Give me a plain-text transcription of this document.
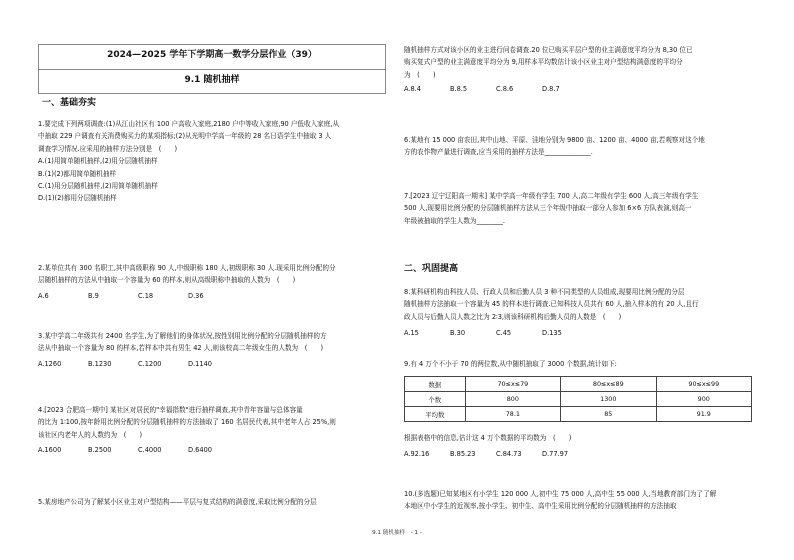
2024—2025 学年下学期高一数学分层作业（39）
9.1 随机抽样
一、基础夯实

1.要完成下列两项调查:(1)从江山社区有 100 户高收入家庭,2180 户中等收入家庭,90 户低收入家庭,从

中抽取 229 户调查有关消费购买力的某项指标;(2)从光明中学高一年级的 28 名日语学生中抽取 3 人

调查学习情况.应采用的抽样方法分别是　(　　)

A.(1)用简单随机抽样,(2)用分层随机抽样

B.(1)(2)都用简单随机抽样

C.(1)用分层随机抽样,(2)用简单随机抽样

D.(1)(2)都用分层随机抽样

2.某单位共有 300 名职工,其中高级职称 90 人,中级职称 180 人,初级职称 30 人.现采用比例分配的分

层随机抽样的方法从中抽取一个容量为 60 的样本,则从高级职称中抽取的人数为　(　　)

A.6	B.9	C.18	D.36

3.某中学高二年级共有 2400 名学生,为了解他们的身体状况,按性别用比例分配的分层随机抽样的方

法从中抽取一个容量为 80 的样本,若样本中共有男生 42 人,则该校高二年级女生的人数为　(　　)

A.1260	B.1230	C.1200	D.1140

4.[2023 合肥高一期中] 某社区对居民的"幸福指数"进行抽样调查,其中青年容量与总体容量

的比为 1∶100,按年龄用比例分配的分层随机抽样的方法抽取了 160 名居民代表,其中老年人占 25%,则

该社区内老年人的人数约为　(　　)

A.1600	B.2500	C.4000	D.6400

5.某房地产公司为了解某小区业主对户型结构——平层与复式结构的满意度,采取比例分配的分层

随机抽样方式对该小区的业主进行问卷调查.20 位已购买平层户型的业主满意度平均分为 8,30 位已

购买复式户型的业主满意度平均分为 9,用样本平均数估计该小区业主对户型结构满意度的平均分

为　(　　)

A.8.4	B.8.5	C.8.6	D.8.7

6.某地有 15 000 亩农田,其中山地、平原、洼地分别为 9800 亩、1200 亩、4000 亩,若观察对这个地

方的农作物产量进行调查,应当采用的抽样方法是______________.

7.[2023 辽宁辽阳高一期末] 某中学高一年级有学生 700 人,高二年级有学生 600 人,高三年级有学生

500 人,现要用比例分配的分层随机抽样方法从三个年级中抽取一部分人参加 6×6 方队表演,则高一

年级被抽取的学生人数为________.

二、巩固提高

8.某科研机构由科技人员、行政人员和后勤人员 3 种不同类型的人员组成,现要用比例分配的分层

随机抽样方法抽取一个容量为 45 的样本进行调查.已知科技人员共有 60 人,抽入样本的有 20 人,且行

政人员与后勤人员人数之比为 2∶3,则该科研机构后勤人员的人数是　(　　)

A.15	B.30	C.45	D.135

9.有 4 万个不小于 70 的两位数,从中随机抽取了 3000 个数据,统计如下:

数据	70≤x≤79	80≤x≤89	90≤x≤99
个数	800	1300	900
平均数	78.1	85	91.9

根据表格中的信息,估计这 4 万个数据的平均数为　(　　)

A.92.16	B.85.23	C.84.73	D.77.97

10.(多选题)已知某地区有小学生 120 000 人,初中生 75 000 人,高中生 55 000 人,当地教育部门为了了解

本地区中小学生的近视率,按小学生、初中生、高中生采用比例分配的分层随机抽样的方法抽取

9.1 随机抽样　- 1 -
